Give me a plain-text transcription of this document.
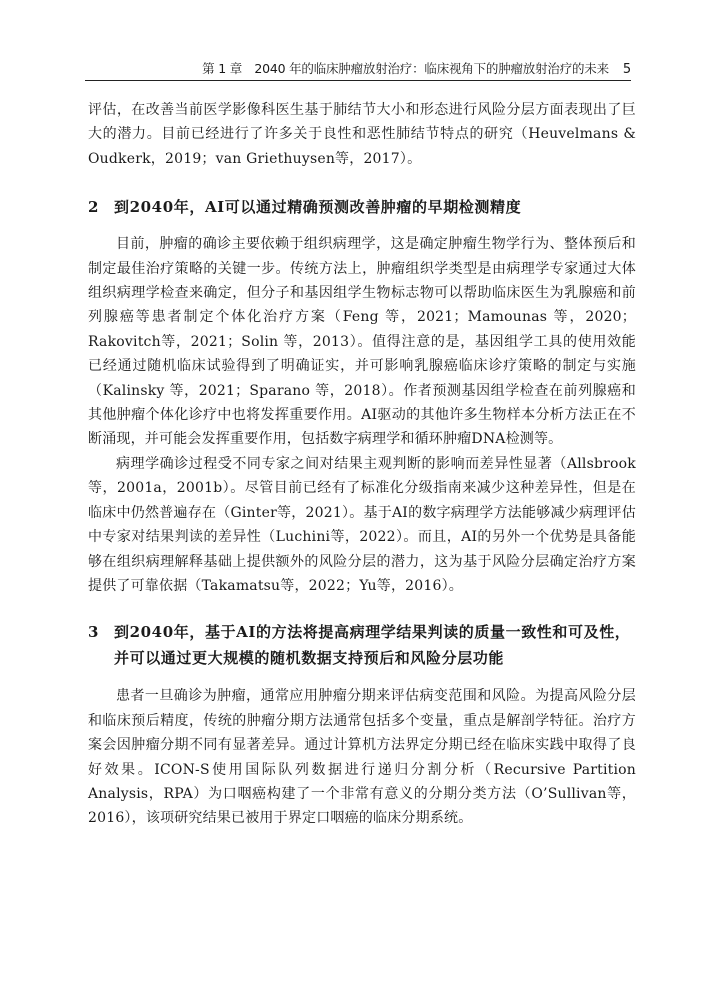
第 1 章　2040 年的临床肿瘤放射治疗：临床视角下的肿瘤放射治疗的未来 5

评估，在改善当前医学影像科医生基于肺结节大小和形态进行风险分层方面表现出了巨大的潜力。目前已经进行了许多关于良性和恶性肺结节特点的研究（Heuvelmans & Oudkerk，2019；van Griethuysen等，2017）。

2 到2040年，AI可以通过精确预测改善肿瘤的早期检测精度

目前，肿瘤的确诊主要依赖于组织病理学，这是确定肿瘤生物学行为、整体预后和制定最佳治疗策略的关键一步。传统方法上，肿瘤组织学类型是由病理学专家通过大体组织病理学检查来确定，但分子和基因组学生物标志物可以帮助临床医生为乳腺癌和前列腺癌等患者制定个体化治疗方案（Feng 等，2021；Mamounas 等，2020；Rakovitch等，2021；Solin 等，2013）。值得注意的是，基因组学工具的使用效能已经通过随机临床试验得到了明确证实，并可影响乳腺癌临床诊疗策略的制定与实施（Kalinsky 等，2021；Sparano 等，2018）。作者预测基因组学检查在前列腺癌和其他肿瘤个体化诊疗中也将发挥重要作用。AI驱动的其他许多生物样本分析方法正在不断涌现，并可能会发挥重要作用，包括数字病理学和循环肿瘤DNA检测等。

病理学确诊过程受不同专家之间对结果主观判断的影响而差异性显著（Allsbrook等，2001a，2001b）。尽管目前已经有了标准化分级指南来减少这种差异性，但是在临床中仍然普遍存在（Ginter等，2021）。基于AI的数字病理学方法能够减少病理评估中专家对结果判读的差异性（Luchini等，2022）。而且，AI的另外一个优势是具备能够在组织病理解释基础上提供额外的风险分层的潜力，这为基于风险分层确定治疗方案提供了可靠依据（Takamatsu等，2022；Yu等，2016）。

3 到2040年，基于AI的方法将提高病理学结果判读的质量一致性和可及性，并可以通过更大规模的随机数据支持预后和风险分层功能

患者一旦确诊为肿瘤，通常应用肿瘤分期来评估病变范围和风险。为提高风险分层和临床预后精度，传统的肿瘤分期方法通常包括多个变量，重点是解剖学特征。治疗方案会因肿瘤分期不同有显著差异。通过计算机方法界定分期已经在临床实践中取得了良好效果。ICON-S使用国际队列数据进行递归分割分析（Recursive Partition Analysis，RPA）为口咽癌构建了一个非常有意义的分期分类方法（O’Sullivan等，2016），该项研究结果已被用于界定口咽癌的临床分期系统。
